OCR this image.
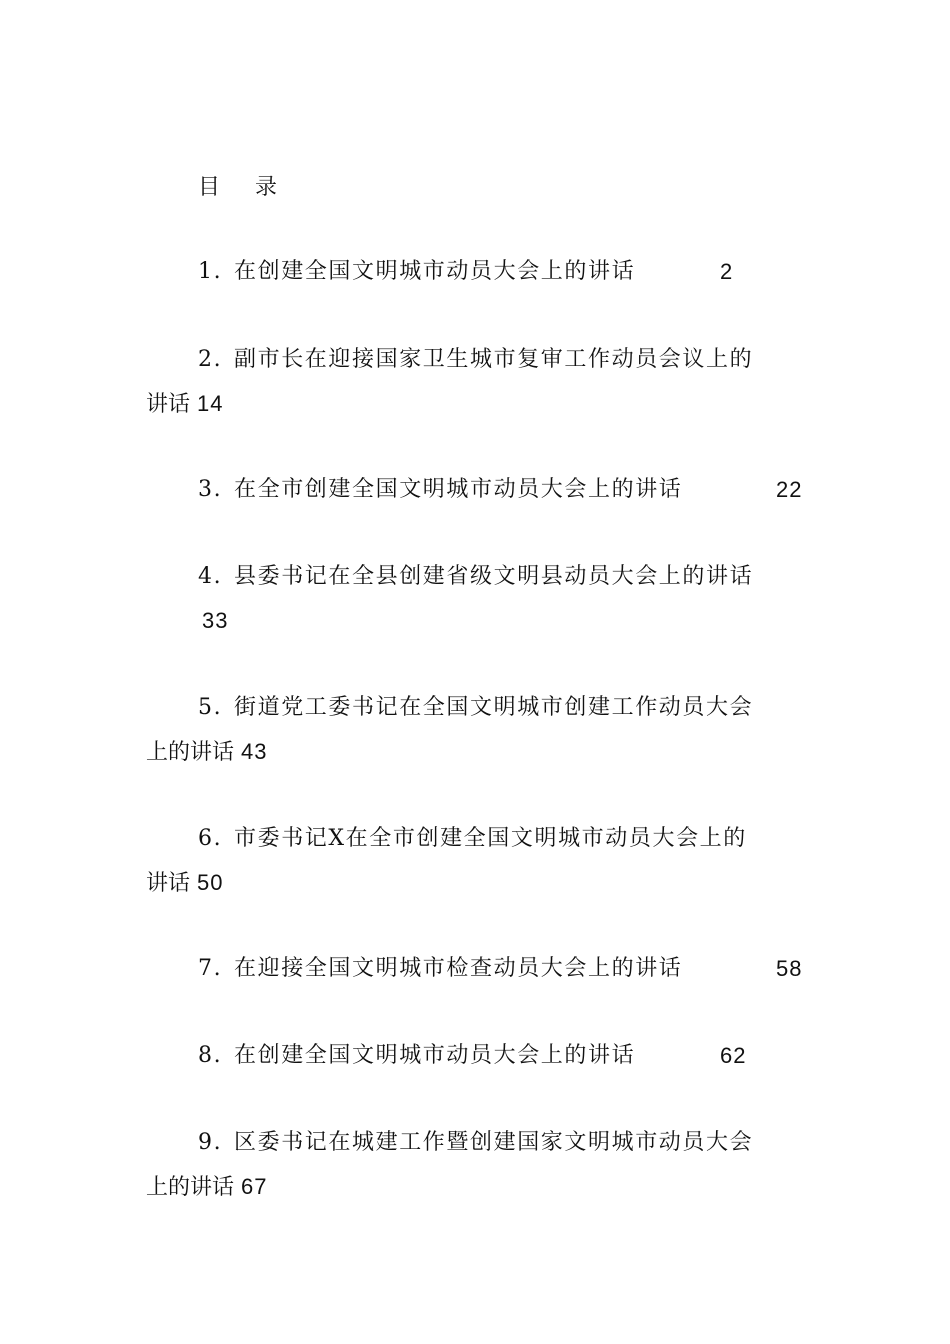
目 录
1. 在创建全国文明城市动员大会上的讲话	2
2. 副市长在迎接国家卫生城市复审工作动员会议上的
讲话 14
3. 在全市创建全国文明城市动员大会上的讲话	22
4. 县委书记在全县创建省级文明县动员大会上的讲话
33
5. 街道党工委书记在全国文明城市创建工作动员大会
上的讲话 43
6. 市委书记X在全市创建全国文明城市动员大会上的
讲话 50
7. 在迎接全国文明城市检查动员大会上的讲话	58
8. 在创建全国文明城市动员大会上的讲话	62
9. 区委书记在城建工作暨创建国家文明城市动员大会
上的讲话 67
